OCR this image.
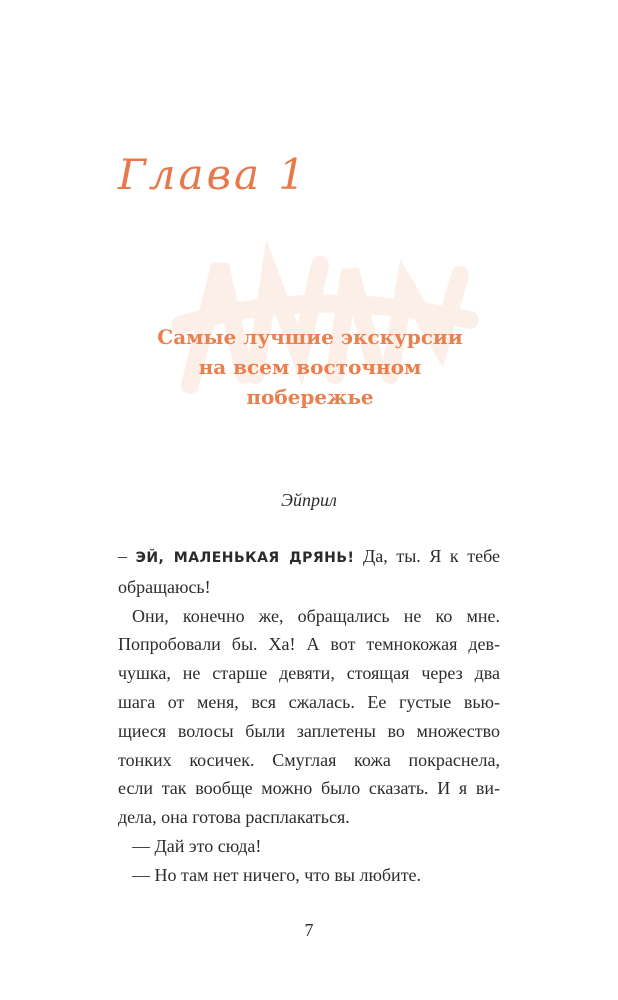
Глава 1
Самые лучшие экскурсии
на всем восточном
побережье
Эйприл

– ЭЙ, МАЛЕНЬКАЯ ДРЯНЬ! Да, ты. Я к тебе

обращаюсь!

Они, конечно же, обращались не ко мне.

Попробовали бы. Ха! А вот темнокожая дев-

чушка, не старше девяти, стоящая через два

шага от меня, вся сжалась. Ее густые вью-

щиеся волосы были заплетены во множество

тонких косичек. Смуглая кожа покраснела,

если так вообще можно было сказать. И я ви-

дела, она готова расплакаться.

— Дай это сюда!

— Но там нет ничего, что вы любите.

7
